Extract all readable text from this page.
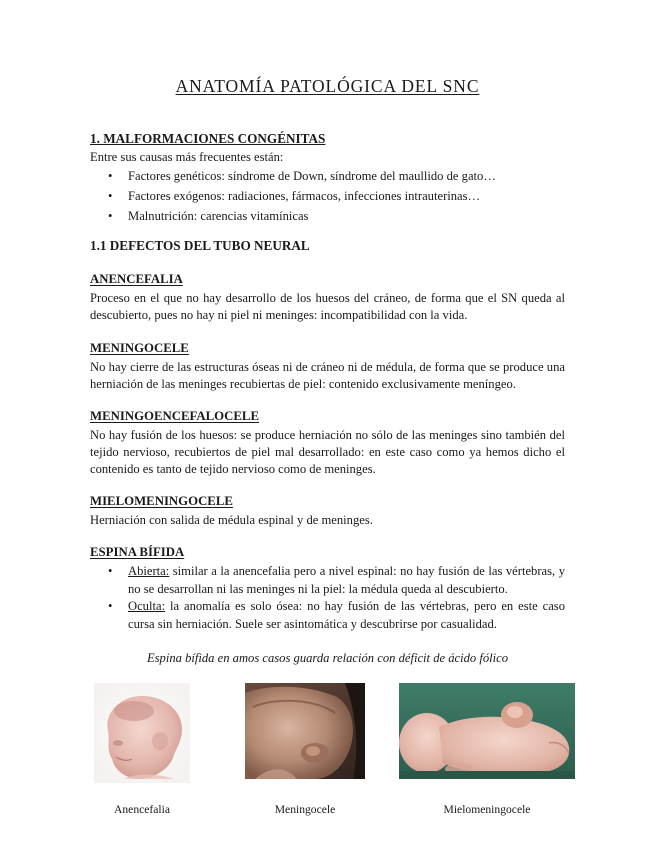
ANATOMÍA PATOLÓGICA DEL SNC
1. MALFORMACIONES CONGÉNITAS

Entre sus causas más frecuentes están:

• Factores genéticos: síndrome de Down, síndrome del maullido de gato…
• Factores exógenos: radiaciones, fármacos, infecciones intrauterinas…
• Malnutrición: carencias vitamínicas
1.1 DEFECTOS DEL TUBO NEURAL
ANENCEFALIA

Proceso en el que no hay desarrollo de los huesos del cráneo, de forma que el SN queda al descubierto, pues no hay ni piel ni meninges: incompatibilidad con la vida.

MENINGOCELE

No hay cierre de las estructuras óseas ni de cráneo ni de médula, de forma que se produce una herniación de las meninges recubiertas de piel: contenido exclusivamente meníngeo.

MENINGOENCEFALOCELE

No hay fusión de los huesos: se produce herniación no sólo de las meninges sino también del tejido nervioso, recubiertos de piel mal desarrollado: en este caso como ya hemos dicho el contenido es tanto de tejido nervioso como de meninges.

MIELOMENINGOCELE

Herniación con salida de médula espinal y de meninges.

ESPINA BÍFIDA
• Abierta: similar a la anencefalia pero a nivel espinal: no hay fusión de las vértebras, y no se desarrollan ni las meninges ni la piel: la médula queda al descubierto.
• Oculta: la anomalía es solo ósea: no hay fusión de las vértebras, pero en este caso cursa sin herniación. Suele ser asintomática y descubrirse por casualidad.

Espina bífida en amos casos guarda relación con déficit de ácido fólico

Anencefalia	Meningocele	Mielomeningocele
